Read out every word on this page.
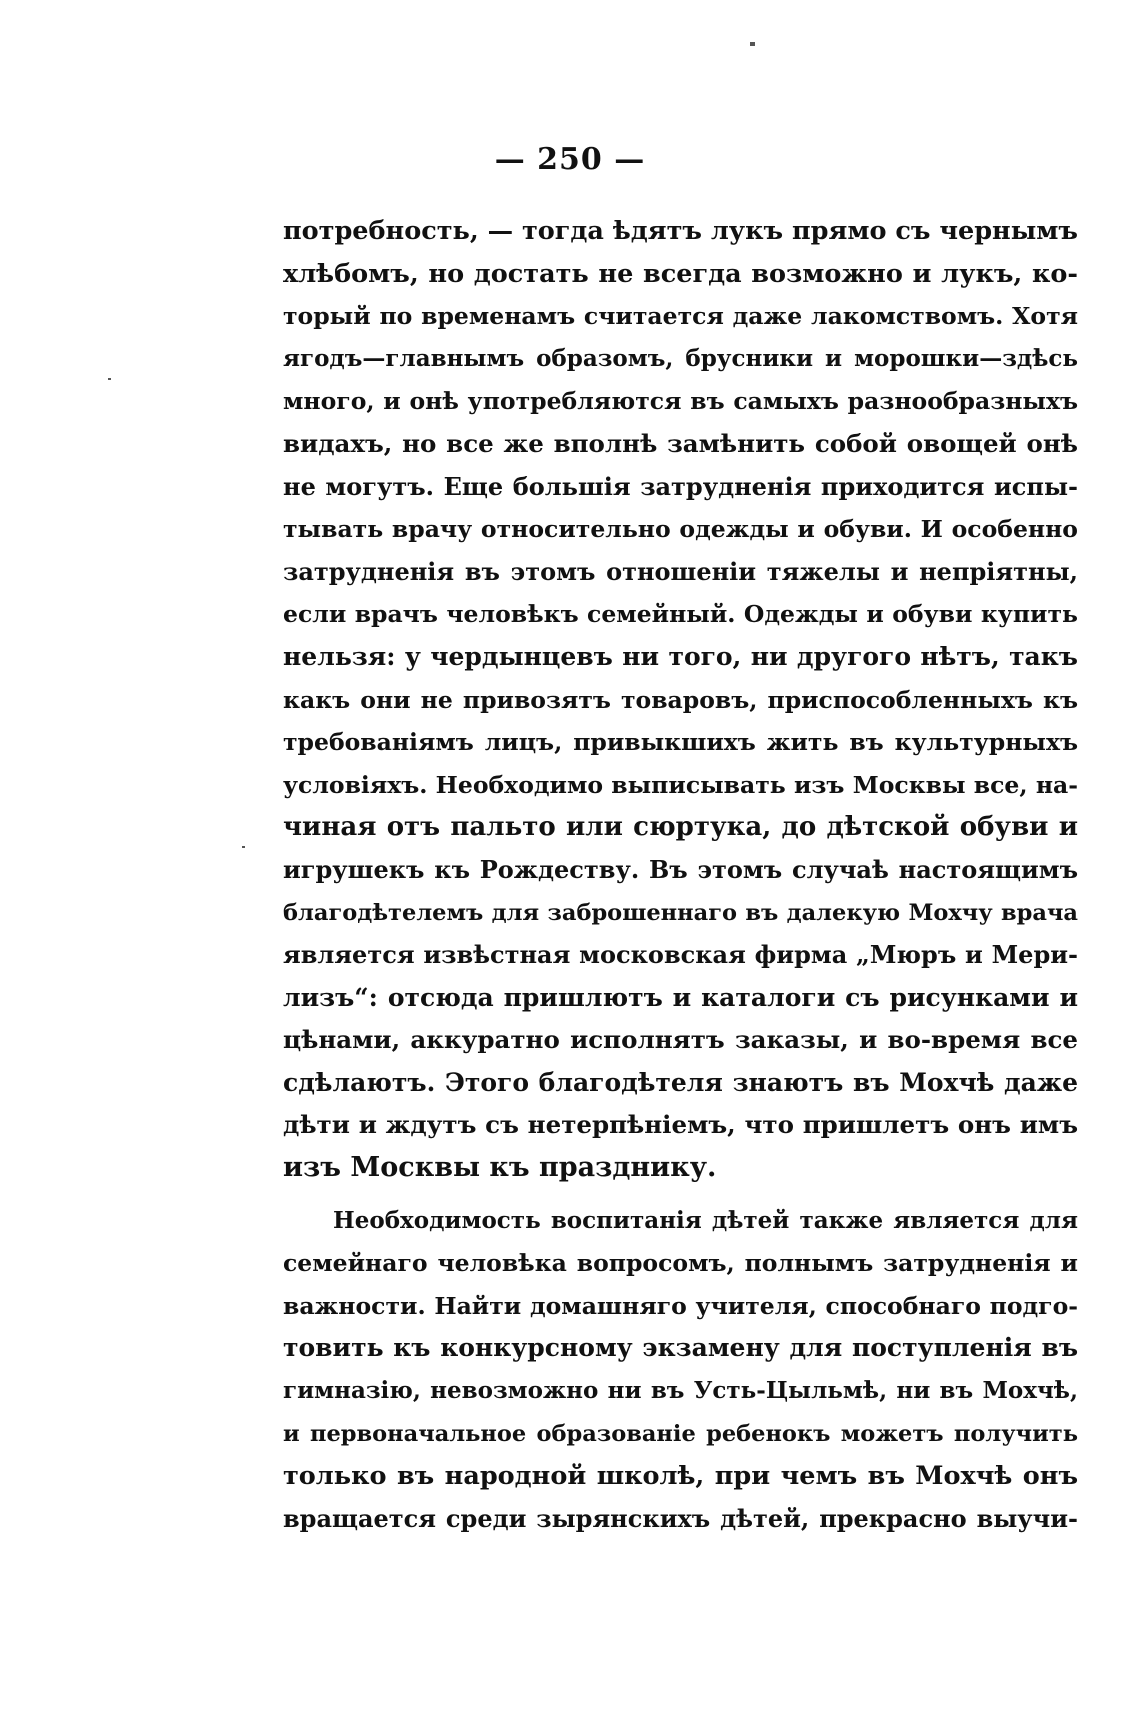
— 250 —
потребность, — тогда ѣдятъ лукъ прямо съ чернымъ
хлѣбомъ, но достать не всегда возможно и лукъ, ко-
торый по временамъ считается даже лакомствомъ. Хотя
ягодъ—главнымъ образомъ, брусники и морошки—здѣсь
много, и онѣ употребляются въ самыхъ разнообразныхъ
видахъ, но все же вполнѣ замѣнить собой овощей онѣ
не могутъ. Еще большія затрудненія приходится испы-
тывать врачу относительно одежды и обуви. И особенно
затрудненія въ этомъ отношеніи тяжелы и непріятны,
если врачъ человѣкъ семейный. Одежды и обуви купить
нельзя: у чердынцевъ ни того, ни другого нѣтъ, такъ
какъ они не привозятъ товаровъ, приспособленныхъ къ
требованіямъ лицъ, привыкшихъ жить въ культурныхъ
условіяхъ. Необходимо выписывать изъ Москвы все, на-
чиная отъ пальто или сюртука, до дѣтской обуви и
игрушекъ къ Рождеству. Въ этомъ случаѣ настоящимъ
благодѣтелемъ для заброшеннаго въ далекую Мохчу врача
является извѣстная московская фирма „Мюръ и Мери-
лизъ“: отсюда пришлютъ и каталоги съ рисунками и
цѣнами, аккуратно исполнятъ заказы, и во-время все
сдѣлаютъ. Этого благодѣтеля знаютъ въ Мохчѣ даже
дѣти и ждутъ съ нетерпѣніемъ, что пришлетъ онъ имъ
изъ Москвы къ празднику.
Необходимость воспитанія дѣтей также является для
семейнаго человѣка вопросомъ, полнымъ затрудненія и
важности. Найти домашняго учителя, способнаго подго-
товить къ конкурсному экзамену для поступленія въ
гимназію, невозможно ни въ Усть-Цыльмѣ, ни въ Мохчѣ,
и первоначальное образованіе ребенокъ можетъ получить
только въ народной школѣ, при чемъ въ Мохчѣ онъ
вращается среди зырянскихъ дѣтей, прекрасно выучи-
